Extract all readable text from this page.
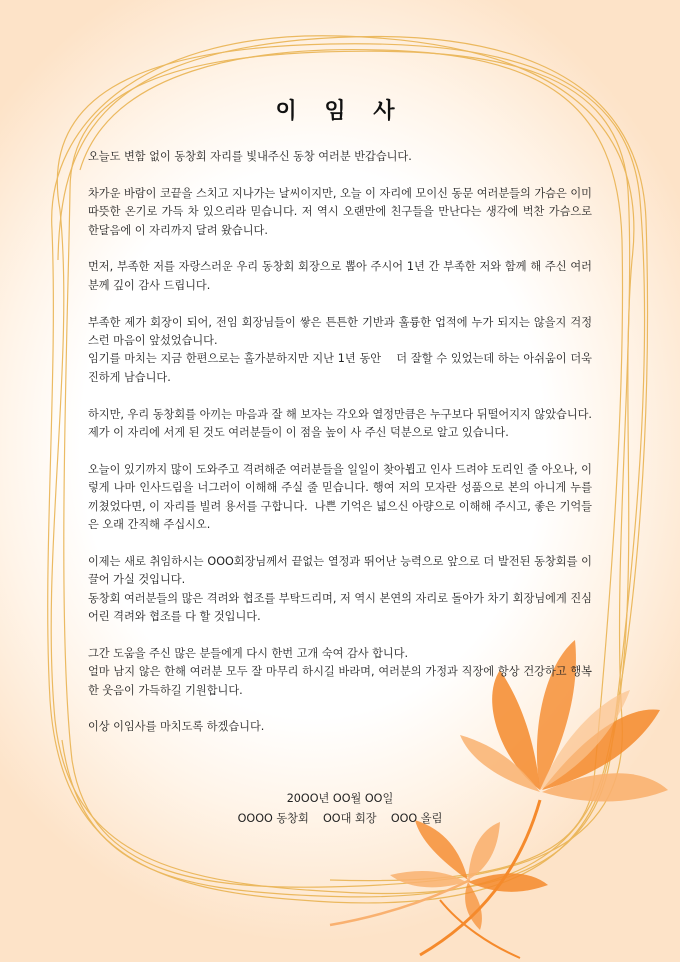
이 임 사
오늘도 변함 없이 동창회 자리를 빛내주신 동창 여러분 반갑습니다.
차가운 바람이 코끝을 스치고 지나가는 날씨이지만, 오늘 이 자리에 모이신 동문 여러분들의 가슴은 이미 따뜻한 온기로 가득 차 있으리라 믿습니다. 저 역시 오랜만에 친구들을 만난다는 생각에 벅찬 가슴으로 한달음에 이 자리까지 달려 왔습니다.
먼저, 부족한 저를 자랑스러운 우리 동창회 회장으로 뽑아 주시어 1년 간 부족한 저와 함께 해 주신 여러분께 깊이 감사 드립니다.
부족한 제가 회장이 되어, 전임 회장님들이 쌓은 튼튼한 기반과 훌륭한 업적에 누가 되지는 않을지 걱정스런 마음이 앞섰었습니다.
임기를 마치는 지금 한편으로는 홀가분하지만 지난 1년 동안    더 잘할 수 있었는데 하는 아쉬움이 더욱 진하게 남습니다.
하지만, 우리 동창회를 아끼는 마음과 잘 해 보자는 각오와 열정만큼은 누구보다 뒤떨어지지 않았습니다. 제가 이 자리에 서게 된 것도 여러분들이 이 점을 높이 사 주신 덕분으로 알고 있습니다.
오늘이 있기까지 많이 도와주고 격려해준 여러분들을 일일이 찾아뵙고 인사 드려야 도리인 줄 아오나, 이렇게 나마 인사드림을 너그러이 이해해 주실 줄 믿습니다. 행여 저의 모자란 성품으로 본의 아니게 누를 끼쳤었다면, 이 자리를 빌려 용서를 구합니다.  나쁜 기억은 넓으신 아량으로 이해해 주시고, 좋은 기억들은 오래 간직해 주십시오.
이제는 새로 취임하시는 OOO회장님께서 끝없는 열정과 뛰어난 능력으로 앞으로 더 발전된 동창회를 이끌어 가실 것입니다.
동창회 여러분들의 많은 격려와 협조를 부탁드리며, 저 역시 본연의 자리로 돌아가 차기 회장님에게 진심 어린 격려와 협조를 다 할 것입니다.
그간 도움을 주신 많은 분들에게 다시 한번 고개 숙여 감사 합니다.
얼마 남지 않은 한해 여러분 모두 잘 마무리 하시길 바라며, 여러분의 가정과 직장에 항상 건강하고 행복한 웃음이 가득하길 기원합니다.
이상 이임사를 마치도록 하겠습니다.
20OO년 OO월 OO일
OOOO 동창회    OO대 회장    OOO 올림
